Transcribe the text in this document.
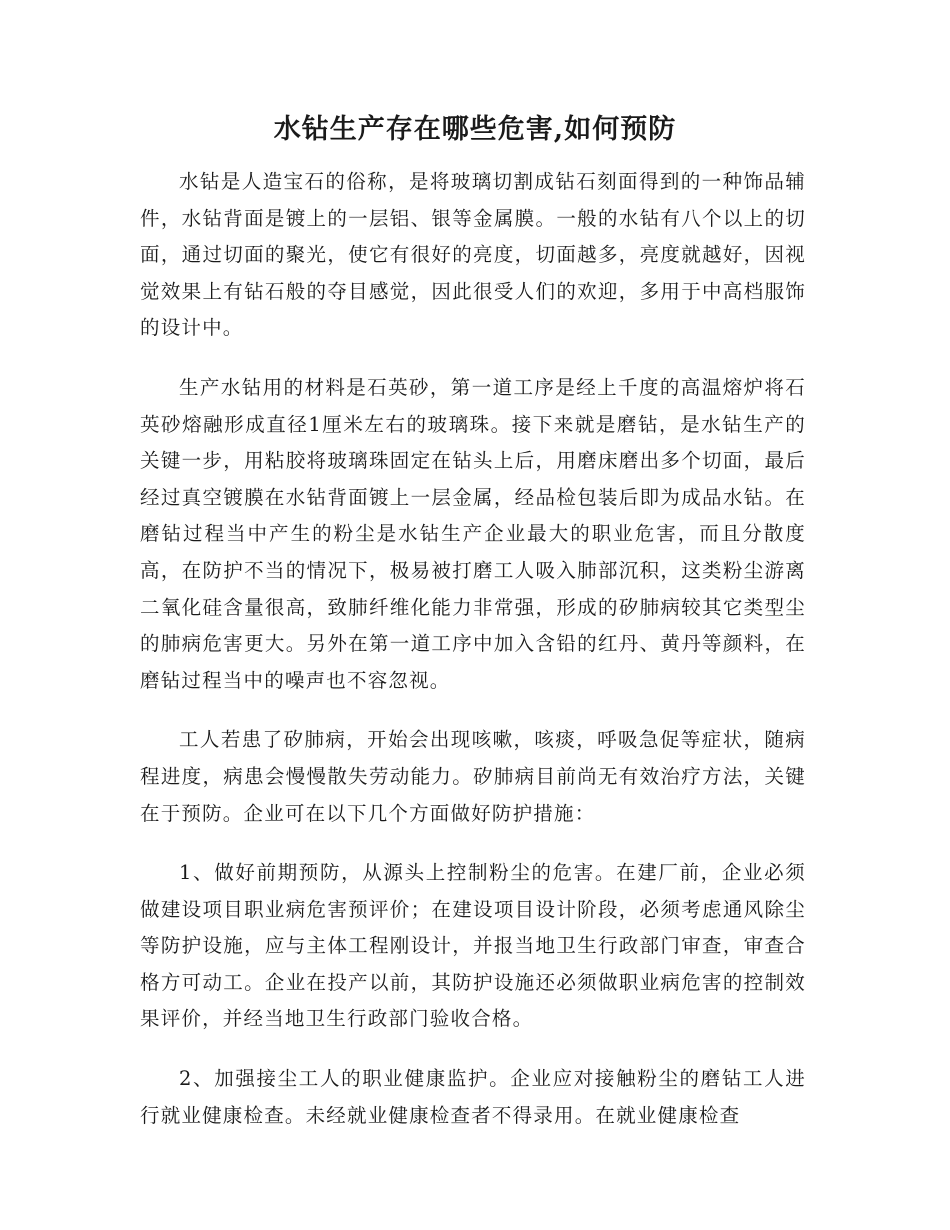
水钻生产存在哪些危害,如何预防

水钻是人造宝石的俗称，是将玻璃切割成钻石刻面得到的一种饰品辅件，水钻背面是镀上的一层铝、银等金属膜。一般的水钻有八个以上的切面，通过切面的聚光，使它有很好的亮度，切面越多，亮度就越好，因视觉效果上有钻石般的夺目感觉，因此很受人们的欢迎，多用于中高档服饰的设计中。

生产水钻用的材料是石英砂，第一道工序是经上千度的高温熔炉将石英砂熔融形成直径1厘米左右的玻璃珠。接下来就是磨钻，是水钻生产的关键一步，用粘胶将玻璃珠固定在钻头上后，用磨床磨出多个切面，最后经过真空镀膜在水钻背面镀上一层金属，经品检包装后即为成品水钻。在磨钻过程当中产生的粉尘是水钻生产企业最大的职业危害，而且分散度高，在防护不当的情况下，极易被打磨工人吸入肺部沉积，这类粉尘游离二氧化硅含量很高，致肺纤维化能力非常强，形成的矽肺病较其它类型尘的肺病危害更大。另外在第一道工序中加入含铅的红丹、黄丹等颜料，在磨钻过程当中的噪声也不容忽视。

工人若患了矽肺病，开始会出现咳嗽，咳痰，呼吸急促等症状，随病程进度，病患会慢慢散失劳动能力。矽肺病目前尚无有效治疗方法，关键在于预防。企业可在以下几个方面做好防护措施：

1、做好前期预防，从源头上控制粉尘的危害。在建厂前，企业必须做建设项目职业病危害预评价；在建设项目设计阶段，必须考虑通风除尘等防护设施，应与主体工程刚设计，并报当地卫生行政部门审查，审查合格方可动工。企业在投产以前，其防护设施还必须做职业病危害的控制效果评价，并经当地卫生行政部门验收合格。

2、加强接尘工人的职业健康监护。企业应对接触粉尘的磨钻工人进行就业健康检查。未经就业健康检查者不得录用。在就业健康检查
